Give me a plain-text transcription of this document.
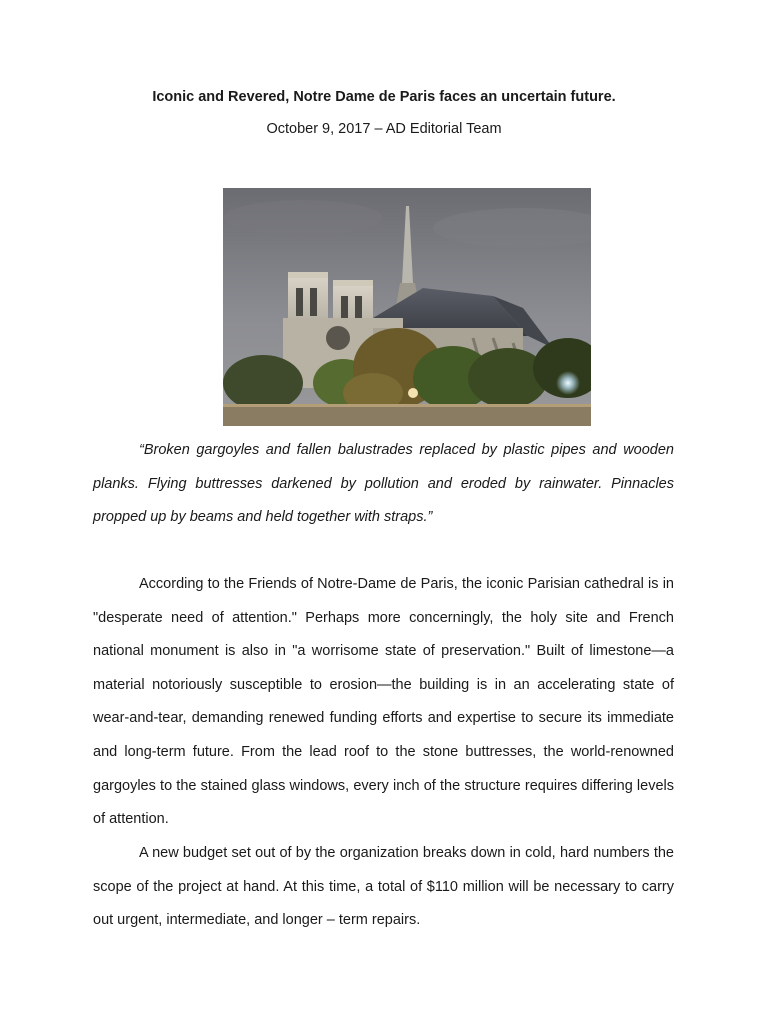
Iconic and Revered, Notre Dame de Paris faces an uncertain future.
October 9, 2017 – AD Editorial Team

“Broken gargoyles and fallen balustrades replaced by plastic pipes and wooden planks. Flying buttresses darkened by pollution and eroded by rainwater. Pinnacles propped up by beams and held together with straps.”

According to the Friends of Notre-Dame de Paris, the iconic Parisian cathedral is in "desperate need of attention." Perhaps more concerningly, the holy site and French national monument is also in "a worrisome state of preservation." Built of limestone—a material notoriously susceptible to erosion—the building is in an accelerating state of wear-and-tear, demanding renewed funding efforts and expertise to secure its immediate and long-term future. From the lead roof to the stone buttresses, the world-renowned gargoyles to the stained glass windows, every inch of the structure requires differing levels of attention.

A new budget set out of by the organization breaks down in cold, hard numbers the scope of the project at hand. At this time, a total of $110 million will be necessary to carry out urgent, intermediate, and longer – term repairs.
